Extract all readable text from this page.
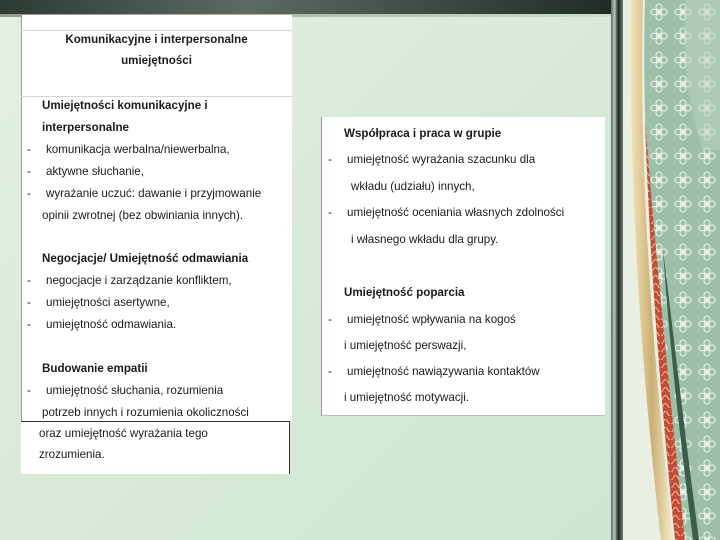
Komunikacyjne i interpersonalne
umiejętności
Umiejętności komunikacyjne i
interpersonalne
- komunikacja werbalna/niewerbalna,
- aktywne słuchanie,
- wyrażanie uczuć: dawanie i przyjmowanie
opinii zwrotnej (bez obwiniania innych).
Negocjacje/ Umiejętność odmawiania
- negocjacje i zarządzanie konfliktem,
- umiejętności asertywne,
- umiejętność odmawiania.
Budowanie empatii
- umiejętność słuchania, rozumienia
potrzeb innych i rozumienia okoliczności
oraz umiejętność wyrażania tego
zrozumienia.
Współpraca i praca w grupie
- umiejętność wyrażania szacunku dla
wkładu (udziału) innych,
- umiejętność oceniania własnych zdolności
i własnego wkładu dla grupy.
Umiejętność poparcia
- umiejętność wpływania na kogoś
i umiejętność perswazji,
- umiejętność nawiązywania kontaktów
i umiejętność motywacji.
